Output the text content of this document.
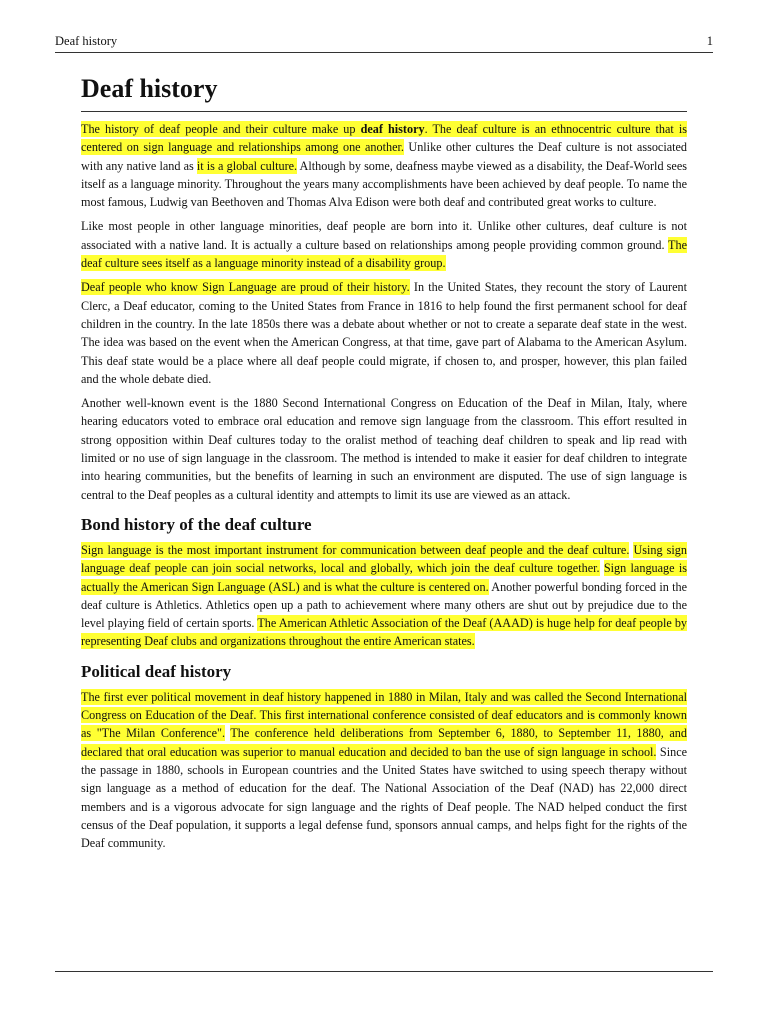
Deaf history	1
Deaf history

The history of deaf people and their culture make up deaf history. The deaf culture is an ethnocentric culture that is centered on sign language and relationships among one another. Unlike other cultures the Deaf culture is not associated with any native land as it is a global culture. Although by some, deafness maybe viewed as a disability, the Deaf-World sees itself as a language minority. Throughout the years many accomplishments have been achieved by deaf people. To name the most famous, Ludwig van Beethoven and Thomas Alva Edison were both deaf and contributed great works to culture.

Like most people in other language minorities, deaf people are born into it. Unlike other cultures, deaf culture is not associated with a native land. It is actually a culture based on relationships among people providing common ground. The deaf culture sees itself as a language minority instead of a disability group.

Deaf people who know Sign Language are proud of their history. In the United States, they recount the story of Laurent Clerc, a Deaf educator, coming to the United States from France in 1816 to help found the first permanent school for deaf children in the country. In the late 1850s there was a debate about whether or not to create a separate deaf state in the west. The idea was based on the event when the American Congress, at that time, gave part of Alabama to the American Asylum. This deaf state would be a place where all deaf people could migrate, if chosen to, and prosper, however, this plan failed and the whole debate died.

Another well-known event is the 1880 Second International Congress on Education of the Deaf in Milan, Italy, where hearing educators voted to embrace oral education and remove sign language from the classroom. This effort resulted in strong opposition within Deaf cultures today to the oralist method of teaching deaf children to speak and lip read with limited or no use of sign language in the classroom. The method is intended to make it easier for deaf children to integrate into hearing communities, but the benefits of learning in such an environment are disputed. The use of sign language is central to the Deaf peoples as a cultural identity and attempts to limit its use are viewed as an attack.

Bond history of the deaf culture

Sign language is the most important instrument for communication between deaf people and the deaf culture. Using sign language deaf people can join social networks, local and globally, which join the deaf culture together. Sign language is actually the American Sign Language (ASL) and is what the culture is centered on. Another powerful bonding forced in the deaf culture is Athletics. Athletics open up a path to achievement where many others are shut out by prejudice due to the level playing field of certain sports. The American Athletic Association of the Deaf (AAAD) is huge help for deaf people by representing Deaf clubs and organizations throughout the entire American states.

Political deaf history

The first ever political movement in deaf history happened in 1880 in Milan, Italy and was called the Second International Congress on Education of the Deaf. This first international conference consisted of deaf educators and is commonly known as "The Milan Conference". The conference held deliberations from September 6, 1880, to September 11, 1880, and declared that oral education was superior to manual education and decided to ban the use of sign language in school. Since the passage in 1880, schools in European countries and the United States have switched to using speech therapy without sign language as a method of education for the deaf. The National Association of the Deaf (NAD) has 22,000 direct members and is a vigorous advocate for sign language and the rights of Deaf people. The NAD helped conduct the first census of the Deaf population, it supports a legal defense fund, sponsors annual camps, and helps fight for the rights of the Deaf community.
